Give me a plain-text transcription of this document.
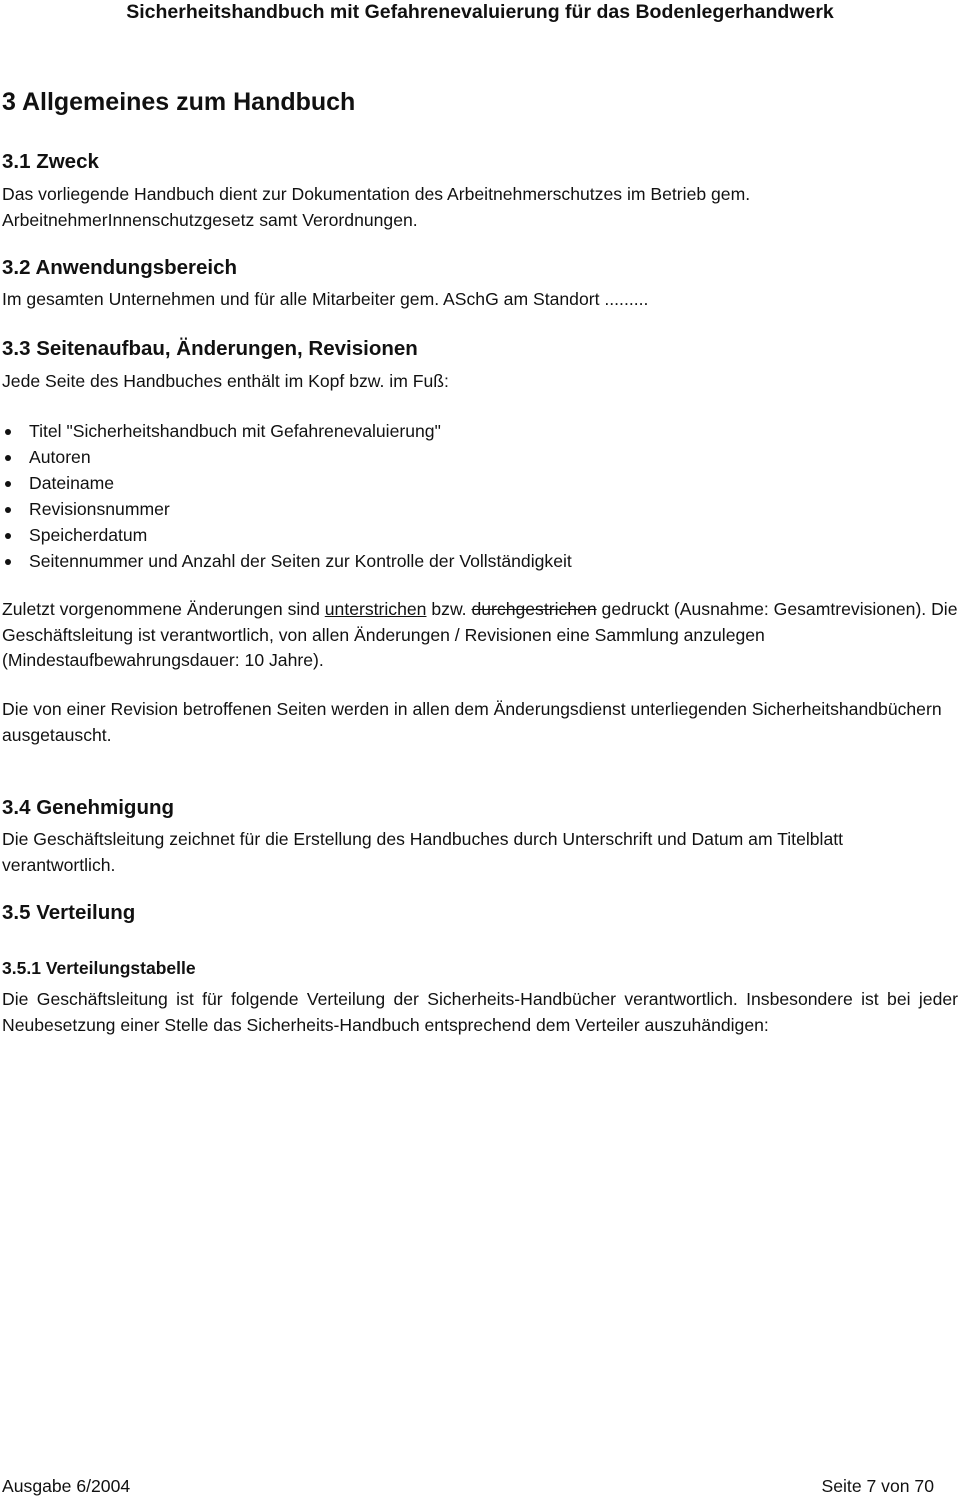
Sicherheitshandbuch mit Gefahrenevaluierung für das Bodenlegerhandwerk
3 Allgemeines zum Handbuch
3.1 Zweck

Das vorliegende Handbuch dient zur Dokumentation des Arbeitnehmerschutzes im Betrieb gem. ArbeitnehmerInnenschutzgesetz samt Verordnungen.

3.2 Anwendungsbereich

Im gesamten Unternehmen und für alle Mitarbeiter gem. ASchG am Standort .........

3.3 Seitenaufbau, Änderungen, Revisionen

Jede Seite des Handbuches enthält im Kopf bzw. im Fuß:

Titel "Sicherheitshandbuch mit Gefahrenevaluierung"
Autoren
Dateiname
Revisionsnummer
Speicherdatum
Seitennummer und Anzahl der Seiten zur Kontrolle der Vollständigkeit

Zuletzt vorgenommene Änderungen sind unterstrichen bzw. durchgestrichen gedruckt (Ausnahme: Gesamtrevisionen). Die Geschäftsleitung ist verantwortlich, von allen Änderungen / Revisionen eine Sammlung anzulegen (Mindestaufbewahrungsdauer: 10 Jahre).

Die von einer Revision betroffenen Seiten werden in allen dem Änderungsdienst unterliegenden Sicherheitshandbüchern ausgetauscht.

3.4 Genehmigung

Die Geschäftsleitung zeichnet für die Erstellung des Handbuches durch Unterschrift und Datum am Titelblatt verantwortlich.

3.5 Verteilung
3.5.1 Verteilungstabelle

Die Geschäftsleitung ist für folgende Verteilung der Sicherheits-Handbücher verantwortlich. Insbesondere ist bei jeder Neubesetzung einer Stelle das Sicherheits-Handbuch entsprechend dem Verteiler auszuhändigen:

Ausgabe 6/2004	Seite 7 von 70
